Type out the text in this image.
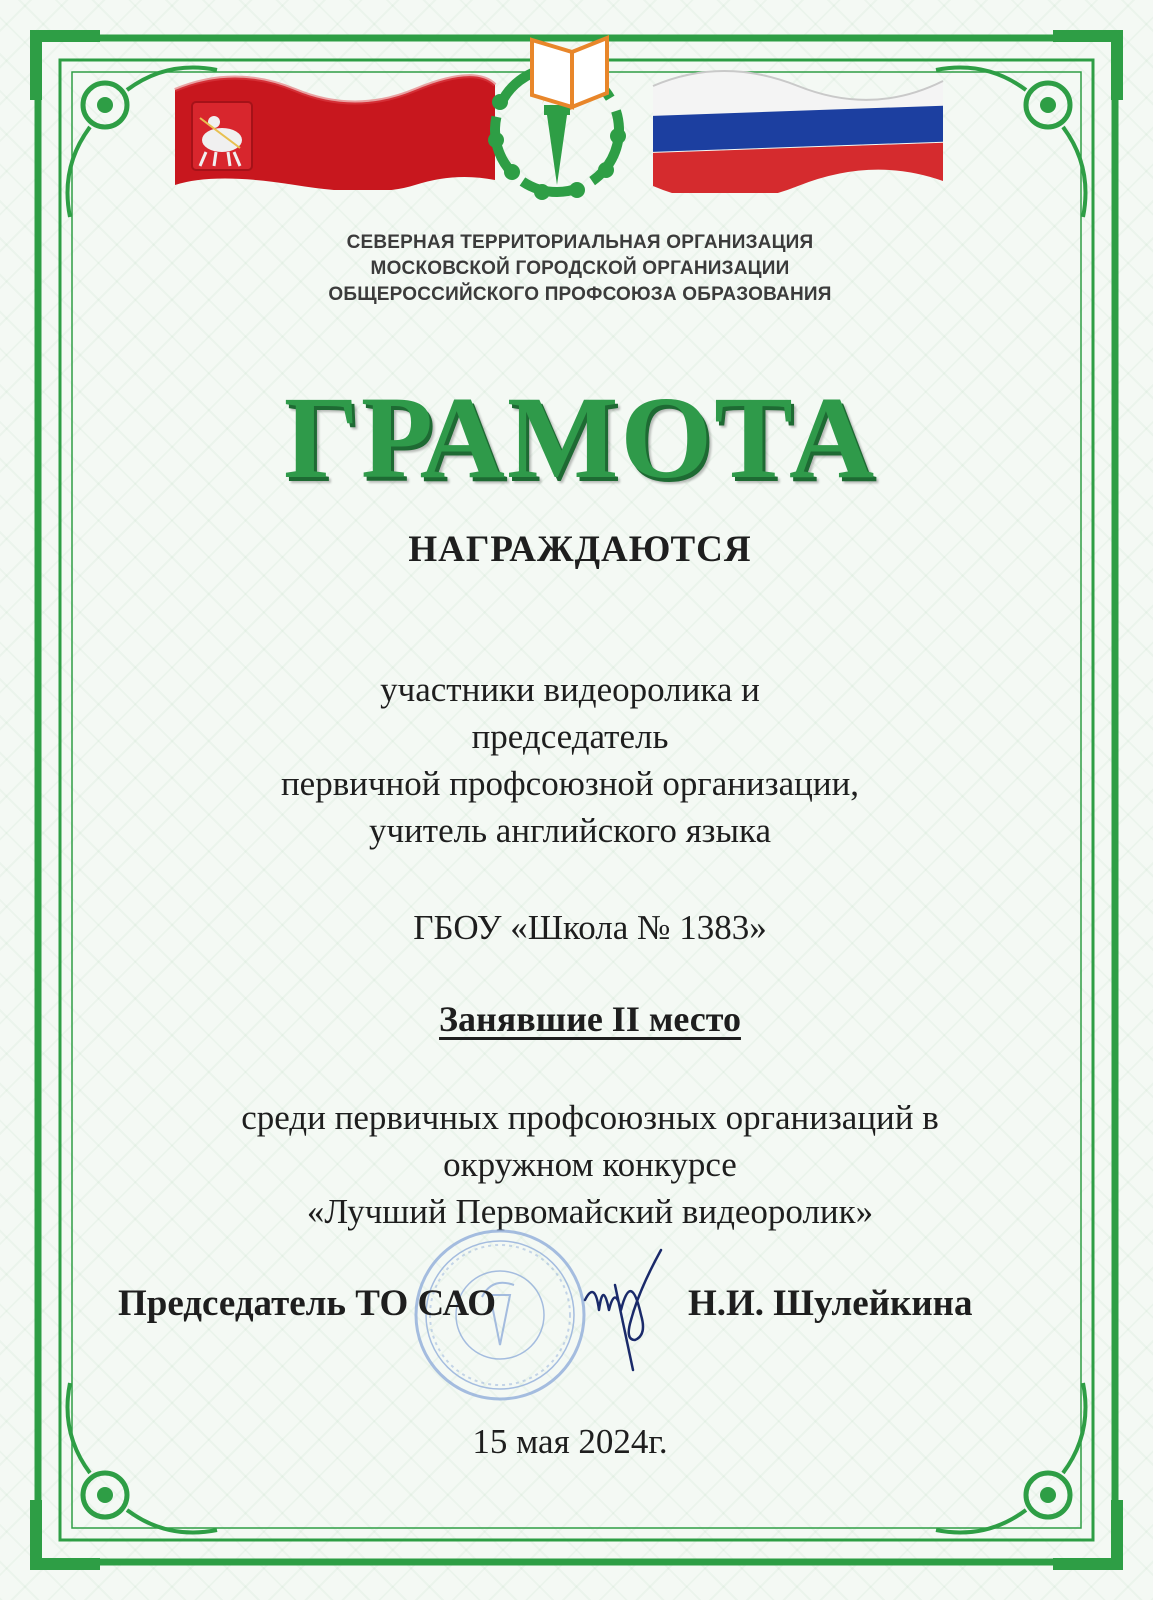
СЕВЕРНАЯ ТЕРРИТОРИАЛЬНАЯ ОРГАНИЗАЦИЯ
МОСКОВСКОЙ ГОРОДСКОЙ ОРГАНИЗАЦИИ
ОБЩЕРОССИЙСКОГО ПРОФСОЮЗА ОБРАЗОВАНИЯ
ГРАМОТА
НАГРАЖДАЮТСЯ
участники видеоролика и
председатель
первичной профсоюзной организации,
учитель английского языка
ГБОУ «Школа № 1383»
Занявшие II место
среди первичных профсоюзных организаций в
окружном конкурсе
«Лучший Первомайский видеоролик»
Председатель ТО САО	Н.И. Шулейкина
15 мая 2024г.
